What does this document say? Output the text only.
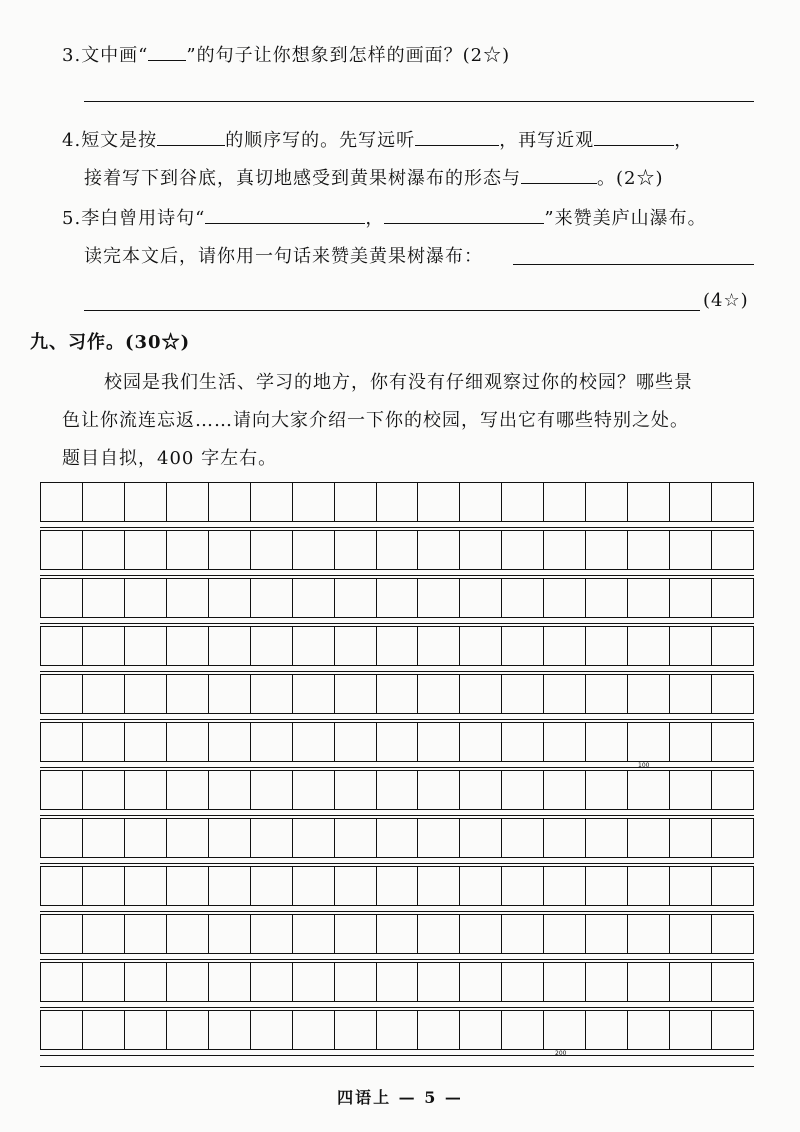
3.文中画“ ”的句子让你想象到怎样的画面？(2☆)
4.短文是按	的顺序写的。先写远听	，再写近观	，
接着写下到谷底，真切地感受到黄果树瀑布的形态与	。(2☆)
5.李白曾用诗句“	，	”来赞美庐山瀑布。
读完本文后，请你用一句话来赞美黄果树瀑布：
(4☆)
九、习作。(30☆)
校园是我们生活、学习的地方，你有没有仔细观察过你的校园？哪些景
色让你流连忘返……请向大家介绍一下你的校园，写出它有哪些特别之处。
题目自拟，400 字左右。
100
200
四语上 — 5 —
